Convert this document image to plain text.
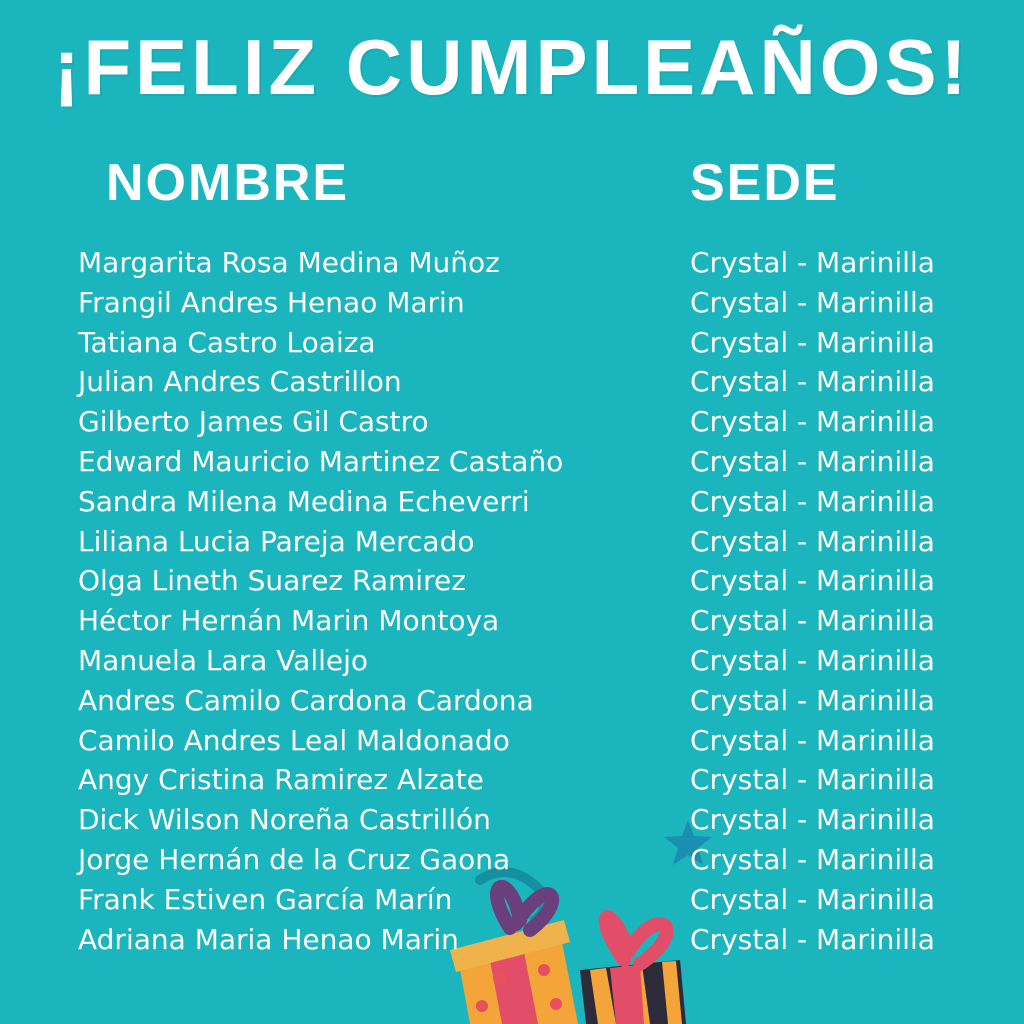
¡FELIZ CUMPLEAÑOS!
NOMBRE	SEDE
Margarita Rosa Medina Muñoz	Crystal - Marinilla
Frangil Andres Henao Marin	Crystal - Marinilla
Tatiana Castro Loaiza	Crystal - Marinilla
Julian Andres Castrillon	Crystal - Marinilla
Gilberto James Gil Castro	Crystal - Marinilla
Edward Mauricio Martinez Castaño	Crystal - Marinilla
Sandra Milena Medina Echeverri	Crystal - Marinilla
Liliana Lucia Pareja Mercado	Crystal - Marinilla
Olga Lineth Suarez Ramirez	Crystal - Marinilla
Héctor Hernán Marin Montoya	Crystal - Marinilla
Manuela Lara Vallejo	Crystal - Marinilla
Andres Camilo Cardona Cardona	Crystal - Marinilla
Camilo Andres Leal Maldonado	Crystal - Marinilla
Angy Cristina Ramirez Alzate	Crystal - Marinilla
Dick Wilson Noreña Castrillón	Crystal - Marinilla
Jorge Hernán de la Cruz Gaona	Crystal - Marinilla
Frank Estiven García Marín	Crystal - Marinilla
Adriana Maria Henao Marin	Crystal - Marinilla
